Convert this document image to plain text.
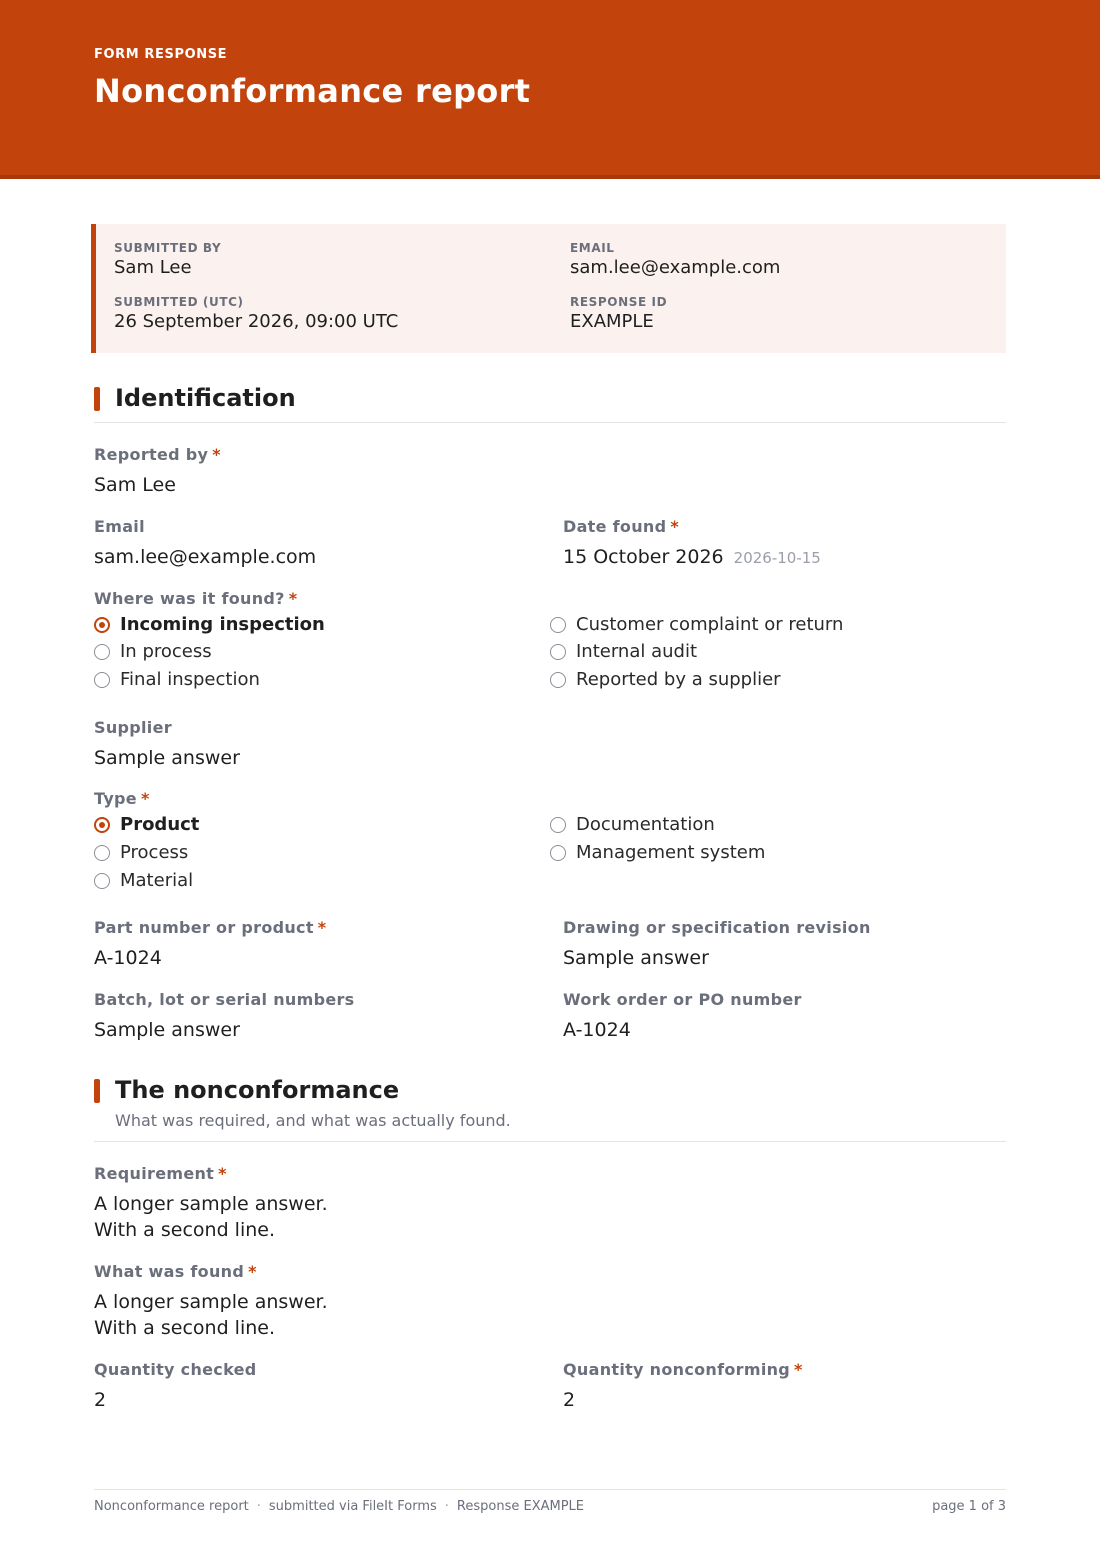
FORM RESPONSE
Nonconformance report
SUBMITTED BY
Sam Lee
EMAIL
sam.lee@example.com
SUBMITTED (UTC)
26 September 2026, 09:00 UTC
RESPONSE ID
EXAMPLE
Identification
Reported by *
Sam Lee
Email
sam.lee@example.com
Date found *
15 October 2026 2026-10-15
Where was it found? *
Incoming inspection
In process
Final inspection
Customer complaint or return
Internal audit
Reported by a supplier
Supplier
Sample answer
Type *
Product
Process
Material
Documentation
Management system
Part number or product *
A-1024
Drawing or specification revision
Sample answer
Batch, lot or serial numbers
Sample answer
Work order or PO number
A-1024
The nonconformance
What was required, and what was actually found.
Requirement *
A longer sample answer.
With a second line.
What was found *
A longer sample answer.
With a second line.
Quantity checked
2
Quantity nonconforming *
2
Nonconformance report · submitted via FileIt Forms · Response EXAMPLE	page 1 of 3
